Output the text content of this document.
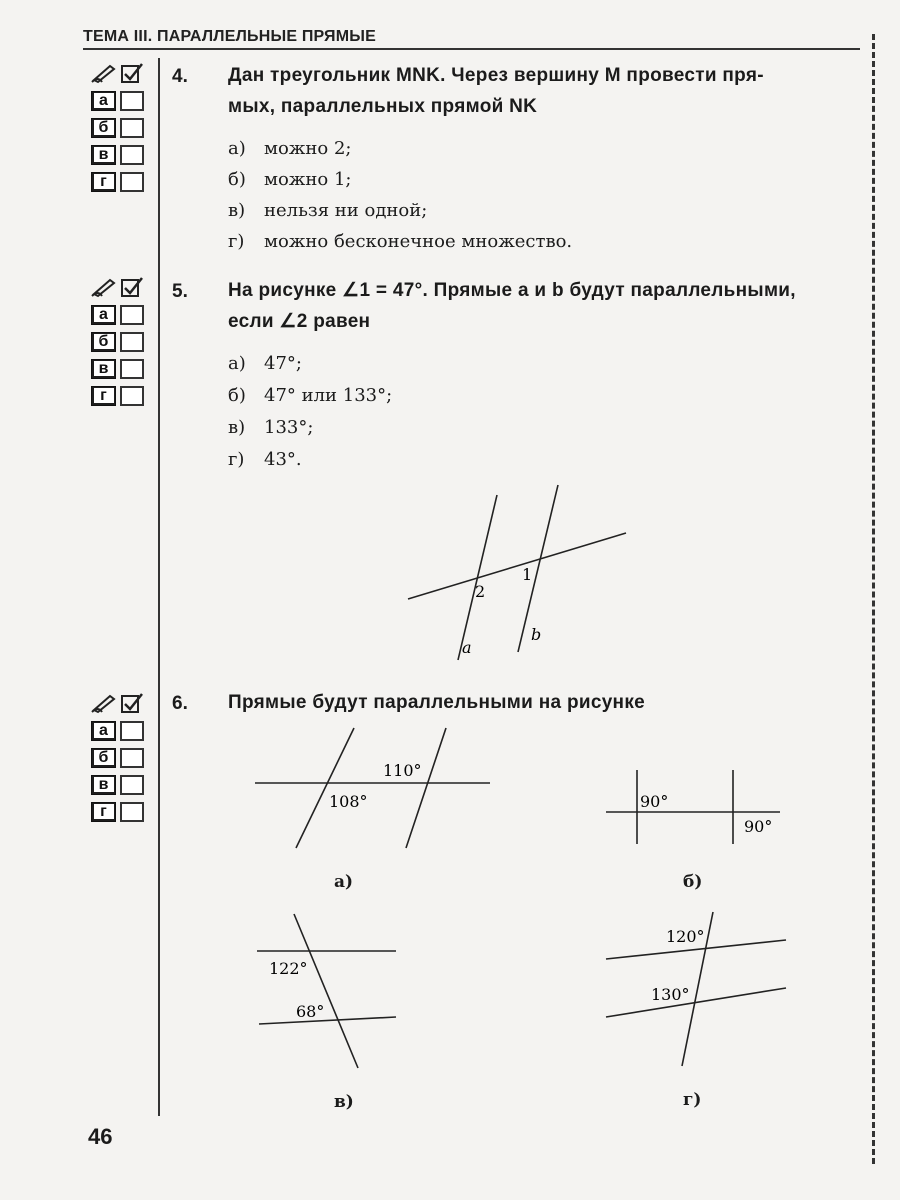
ТЕМА III. ПАРАЛЛЕЛЬНЫЕ ПРЯМЫЕ
а
б
в
г
а
б
в
г
а
б
в
г
4. Дан треугольник MNK. Через вершину M провести пря-
мых, параллельных прямой NK
а) можно 2;
б) можно 1;
в) нельзя ни одной;
г) можно бесконечное множество.
5. На рисунке ∠1 = 47°. Прямые a и b будут параллельными,
если ∠2 равен
а) 47°;
б) 47° или 133°;
в) 133°;
г) 43°.
1
2
a
b
6. Прямые будут параллельными на рисунке
110°
108°
а)
90°
90°
б)
122°
68°
в)
120°
130°
г)
46
